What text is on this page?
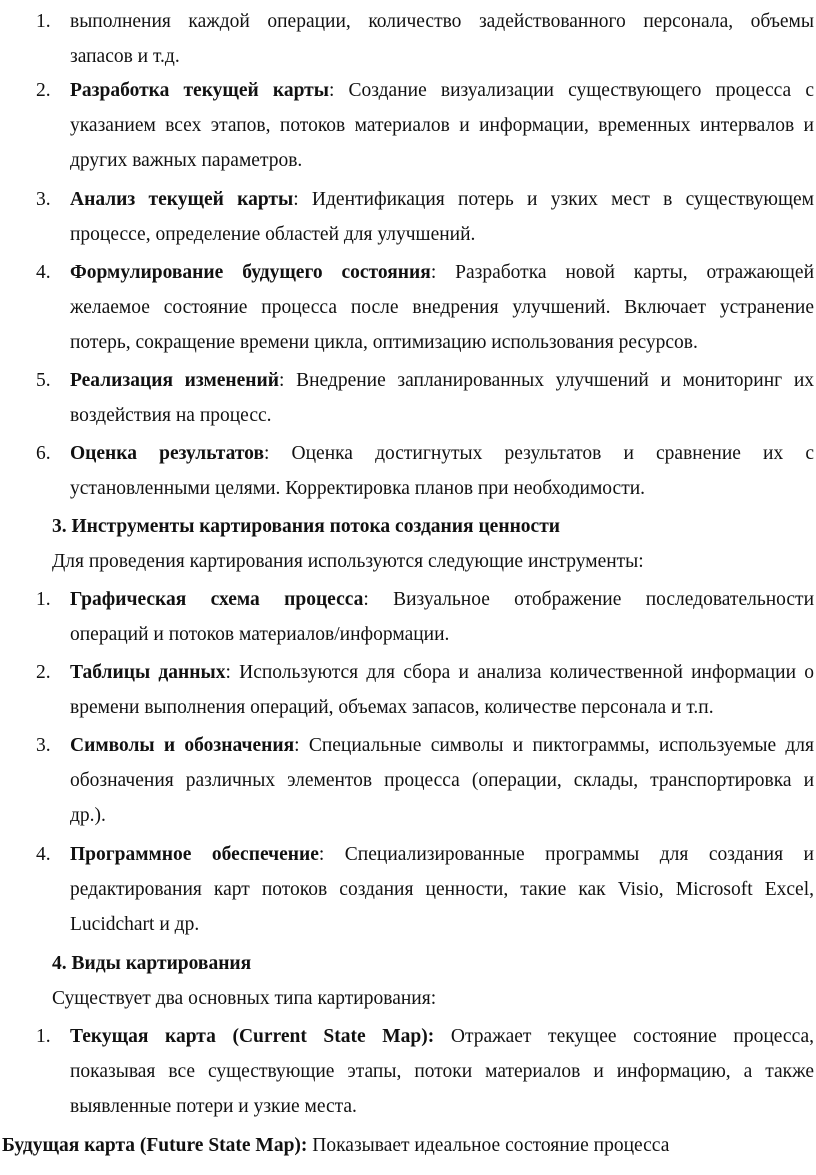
1. выполнения каждой операции, количество задействованного персонала, объемы
запасов и т.д.
2. Разработка текущей карты: Создание визуализации существующего процесса с
указанием всех этапов, потоков материалов и информации, временных интервалов и
других важных параметров.
3. Анализ текущей карты: Идентификация потерь и узких мест в существующем
процессе, определение областей для улучшений.
4. Формулирование будущего состояния: Разработка новой карты, отражающей
желаемое состояние процесса после внедрения улучшений. Включает устранение
потерь, сокращение времени цикла, оптимизацию использования ресурсов.
5. Реализация изменений: Внедрение запланированных улучшений и мониторинг их
воздействия на процесс.
6. Оценка результатов: Оценка достигнутых результатов и сравнение их с
установленными целями. Корректировка планов при необходимости.
3. Инструменты картирования потока создания ценности
Для проведения картирования используются следующие инструменты:
1. Графическая схема процесса: Визуальное отображение последовательности
операций и потоков материалов/информации.
2. Таблицы данных: Используются для сбора и анализа количественной информации о
времени выполнения операций, объемах запасов, количестве персонала и т.п.
3. Символы и обозначения: Специальные символы и пиктограммы, используемые для
обозначения различных элементов процесса (операции, склады, транспортировка и
др.).
4. Программное обеспечение: Специализированные программы для создания и
редактирования карт потоков создания ценности, такие как Visio, Microsoft Excel,
Lucidchart и др.
4. Виды картирования
Существует два основных типа картирования:
1. Текущая карта (Current State Map): Отражает текущее состояние процесса,
показывая все существующие этапы, потоки материалов и информацию, а также
выявленные потери и узкие места.
Будущая карта (Future State Map): Показывает идеальное состояние процесса
